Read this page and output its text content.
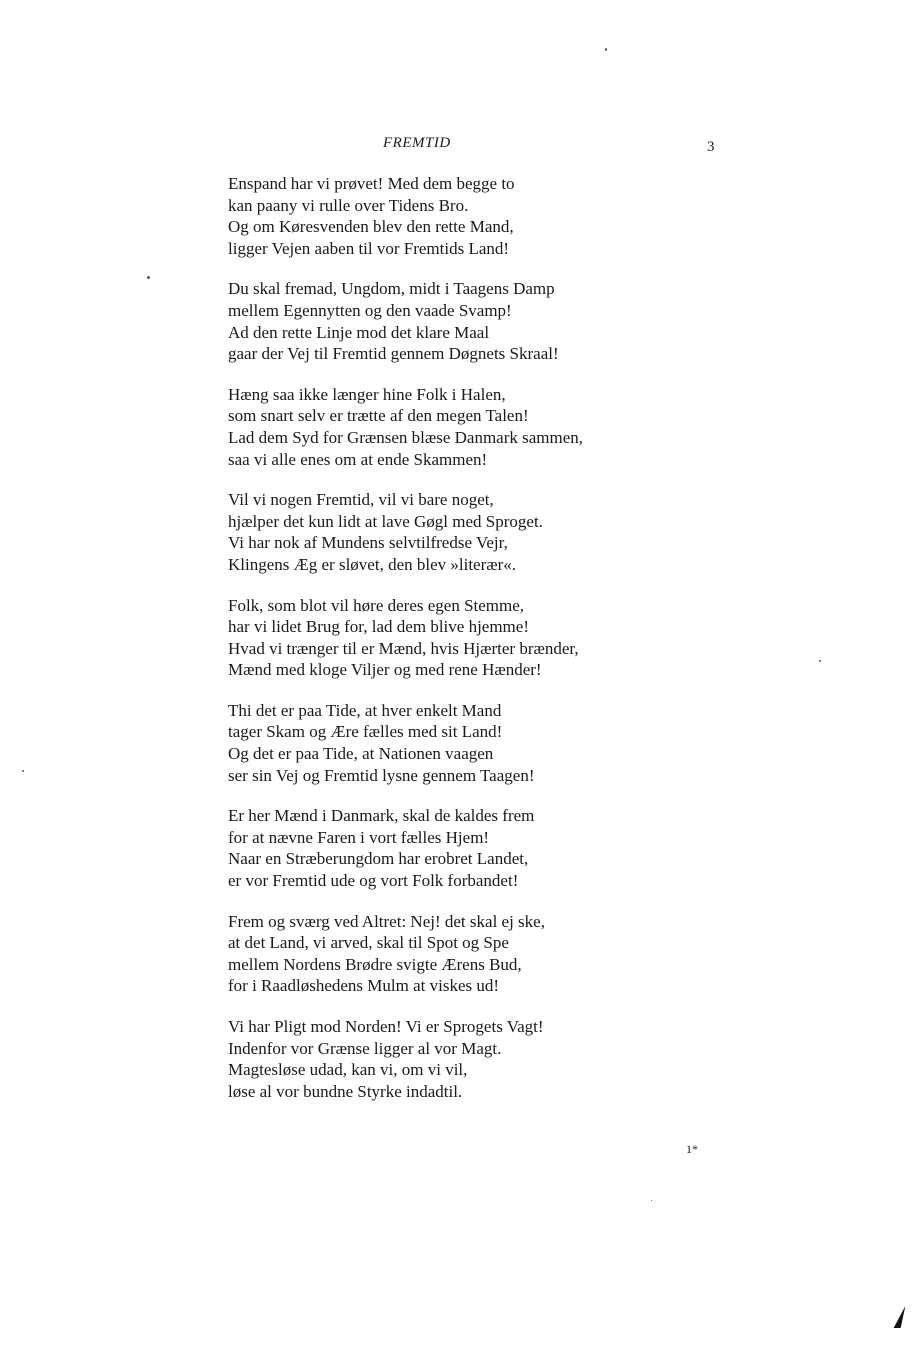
FREMTID	3
Enspand har vi prøvet! Med dem begge to
kan paany vi rulle over Tidens Bro.
Og om Køresvenden blev den rette Mand,
ligger Vejen aaben til vor Fremtids Land!
Du skal fremad, Ungdom, midt i Taagens Damp
mellem Egennytten og den vaade Svamp!
Ad den rette Linje mod det klare Maal
gaar der Vej til Fremtid gennem Døgnets Skraal!
Hæng saa ikke længer hine Folk i Halen,
som snart selv er trætte af den megen Talen!
Lad dem Syd for Grænsen blæse Danmark sammen,
saa vi alle enes om at ende Skammen!
Vil vi nogen Fremtid, vil vi bare noget,
hjælper det kun lidt at lave Gøgl med Sproget.
Vi har nok af Mundens selvtilfredse Vejr,
Klingens Æg er sløvet, den blev »literær«.
Folk, som blot vil høre deres egen Stemme,
har vi lidet Brug for, lad dem blive hjemme!
Hvad vi trænger til er Mænd, hvis Hjærter brænder,
Mænd med kloge Viljer og med rene Hænder!
Thi det er paa Tide, at hver enkelt Mand
tager Skam og Ære fælles med sit Land!
Og det er paa Tide, at Nationen vaagen
ser sin Vej og Fremtid lysne gennem Taagen!
Er her Mænd i Danmark, skal de kaldes frem
for at nævne Faren i vort fælles Hjem!
Naar en Stræberungdom har erobret Landet,
er vor Fremtid ude og vort Folk forbandet!
Frem og sværg ved Altret: Nej! det skal ej ske,
at det Land, vi arved, skal til Spot og Spe
mellem Nordens Brødre svigte Ærens Bud,
for i Raadløshedens Mulm at viskes ud!
Vi har Pligt mod Norden! Vi er Sprogets Vagt!
Indenfor vor Grænse ligger al vor Magt.
Magtesløse udad, kan vi, om vi vil,
løse al vor bundne Styrke indadtil.
1*
